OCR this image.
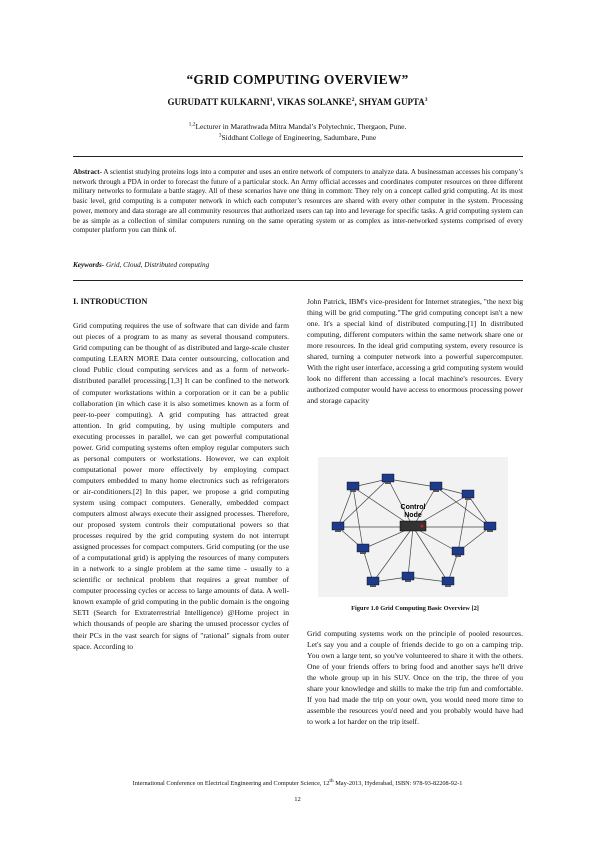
“GRID COMPUTING OVERVIEW”
GURUDATT KULKARNI$^1$, VIKAS SOLANKE$^2$, SHYAM GUPTA$^3$
$^{1,2}$Lecturer in Marathwada Mitra Mandal’s Polytechnic, Thergaon, Pune.
$^3$Siddhant College of Engineering, Sadumbare, Pune
Abstract- A scientist studying proteins logs into a computer and uses an entire network of computers to analyze data. A businessman accesses his company’s network through a PDA in order to forecast the future of a particular stock. An Army official accesses and coordinates computer resources on three different military networks to formulate a battle stagey. All of these scenarios have one thing in common: They rely on a concept called grid computing. At its most basic level, grid computing is a computer network in which each computer’s resources are shared with every other computer in the system. Processing power, memory and data storage are all community resources that authorized users can tap into and leverage for specific tasks. A grid computing system can be as simple as a collection of similar computers running on the same operating system or as complex as inter-networked systems comprised of every computer platform you can think of.
Keywords- Grid, Cloud, Distributed computing
I. INTRODUCTION

Grid computing requires the use of software that can divide and farm out pieces of a program to as many as several thousand computers. Grid computing can be thought of as distributed and large-scale cluster computing LEARN MORE Data center outsourcing, collocation and cloud Public cloud computing services and as a form of network-distributed parallel processing.[1,3] It can be confined to the network of computer workstations within a corporation or it can be a public collaboration (in which case it is also sometimes known as a form of peer-to-peer computing). A grid computing has attracted great attention. In grid computing, by using multiple computers and executing processes in parallel, we can get powerful computational power. Grid computing systems often employ regular computers such as personal computers or workstations. However, we can exploit computational power more effectively by employing compact computers embedded to many home electronics such as refrigerators or air-conditioners.[2] In this paper, we propose a grid computing system using compact computers. Generally, embedded compact computers almost always execute their assigned processes. Therefore, our proposed system controls their computational powers so that processes required by the grid computing system do not interrupt assigned processes for compact computers. Grid computing (or the use of a computational grid) is applying the resources of many computers in a network to a single problem at the same time - usually to a scientific or technical problem that requires a great number of computer processing cycles or access to large amounts of data. A well-known example of grid computing in the public domain is the ongoing SETI (Search for Extraterrestrial Intelligence) @Home project in which thousands of people are sharing the unused processor cycles of their PCs in the vast search for signs of "rational" signals from outer space. According to

John Patrick, IBM's vice-president for Internet strategies, "the next big thing will be grid computing."The grid computing concept isn't a new one. It's a special kind of distributed computing.[1] In distributed computing, different computers within the same network share one or more resources. In the ideal grid computing system, every resource is shared, turning a computer network into a powerful supercomputer. With the right user interface, accessing a grid computing system would look no different than accessing a local machine's resources. Every authorized computer would have access to enormous processing power and storage capacity

Control
Node
Figure 1.0 Grid Computing Basic Overview [2]

Grid computing systems work on the principle of pooled resources. Let's say you and a couple of friends decide to go on a camping trip. You own a large tent, so you've volunteered to share it with the others. One of your friends offers to bring food and another says he'll drive the whole group up in his SUV. Once on the trip, the three of you share your knowledge and skills to make the trip fun and comfortable. If you had made the trip on your own, you would need more time to assemble the resources you'd need and you probably would have had to work a lot harder on the trip itself.

International Conference on Electrical Engineering and Computer Science, 12th May-2013, Hyderabad, ISBN: 978-93-82208-92-1
12
